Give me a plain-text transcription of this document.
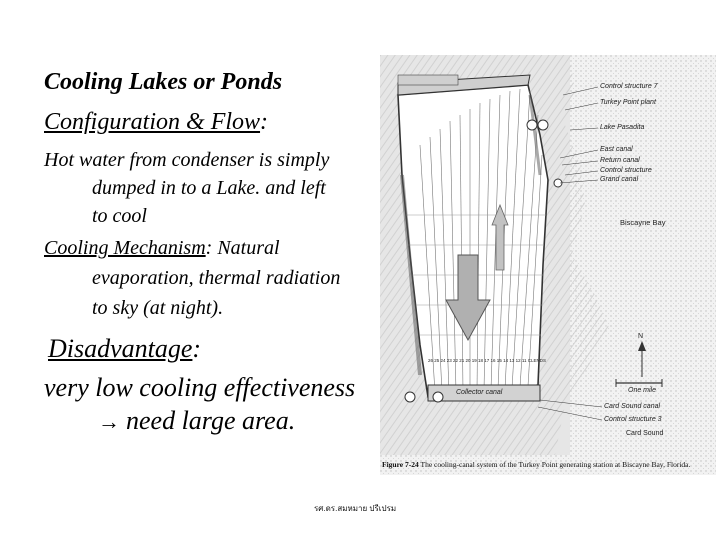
Cooling Lakes or Ponds

Configuration & Flow:

Hot water from condenser is simply

dumped in to a Lake. and left

to cool

Cooling Mechanism: Natural

evaporation, thermal radiation

to sky (at night).

Disadvantage:

very low cooling effectiveness

→ need large area.

Control structure 7
Turkey Point plant
Lake Pasadita
East canal
Return canal
Control structure
Grand canal
Biscayne Bay
N
One mile
Card Sound canal
Control structure 3
Card Sound
Collector canal
26 25 24 23 22 21 20 19 18 17 16 15 14 13 12 11 CLENDS
Figure 7-24 The cooling-canal system of the Turkey Point generating station at Biscayne Bay, Florida.
รศ.ดร.สมหมาย ปรีเปรม
